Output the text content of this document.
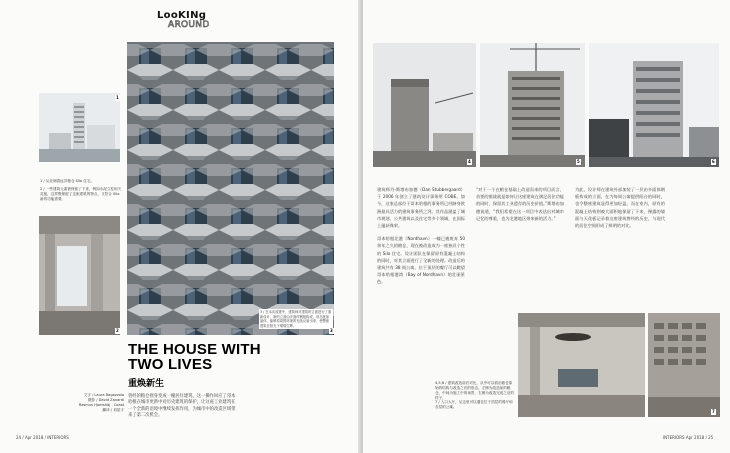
LooKINg
AROUND
1
1 / 从北侧看远洋粮仓 Silo 住宅。
2 / 一些建筑元素被保留了下来，例如水泥立柱和天花板，这样既保留了这座建筑的特点，又符合 Silo 新的功能需要。
2
3 / 在本次改建中，建筑师对建筑的立面进行了重新设计，新的立面由多面体钢板构成，形态犹如晶体，能够将周围环境的光线反射出来，使整座建筑在阳光下熠熠生辉。
3
THE HOUSE WITH TWO LIVES
重焕新生
文字 / Laura Ragazzola
摄影 / David Zanardi
Rasmus Hjortshöj - Coast
翻译 / 刘星宇
曾经的粮仓摇身变成一幢居住建筑。这一操作回应了哥本哈根在城市更新中对历史建筑的保护，让这座工业建筑在一个全新的语境中继续发挥作用，为城市中的改造区域带来了第二次机会。
24 / Apr 2018 / INTERIORS
4	5	6

建筑师丹·斯塔布加德（Dan Stubbergaard）于 2006 年创立了建筑设计事务所 COBE。如今，这家总部位于哥本哈根的事务所已经跻身欧洲最具活力的建筑事务所之列。其作品涵盖了城市规划、公共建筑以及住宅等多个领域，在国际上屡获殊荣。

哥本哈根北港（Nordhavn）一幢已被废弃 50 余年之久的粮仓，现在被改造成为一座独具个性的 Silo 住宅。设计团队在保留原有混凝土结构的同时，对其立面进行了全新的处理。改造后的建筑共有 38 间公寓，位于顶层的餐厅可以眺望哥本哈根港湾（Bay of Nordhavn）的壮丽景色。

“对于一个在粮仓基础上改造而来的项目而言，首要的挑战就是如何让这座建筑在满足居住功能的同时，保留其工业遗存的历史价值。”斯塔布加德说道，“我们希望在这一项目中表达出对城市记忆的尊重，也为北港地区带来新的活力。”

为此，设计师在建筑外部加装了一层由多面体钢板构成的立面，在为每间公寓提供阳台的同时，也令整座建筑显得更加轻盈。而在室内，原有的混凝土结构则被大面积地保留了下来，裸露的墙面与天花板记录着这座建筑曾经的历史，与现代的居住空间形成了鲜明的对比。

4,5,6 / 建筑改造前后对比，从中可以看出粮仓原始的结构与改造之后的形态。左侧为改造前的粮仓，中间为施工中的场景，右侧为改造完成之后的样子。
7 / 入口大厅，从这里可以通往位于顶层的餐厅和各层的公寓。
7
INTERIORS Apr 2018 / 25
